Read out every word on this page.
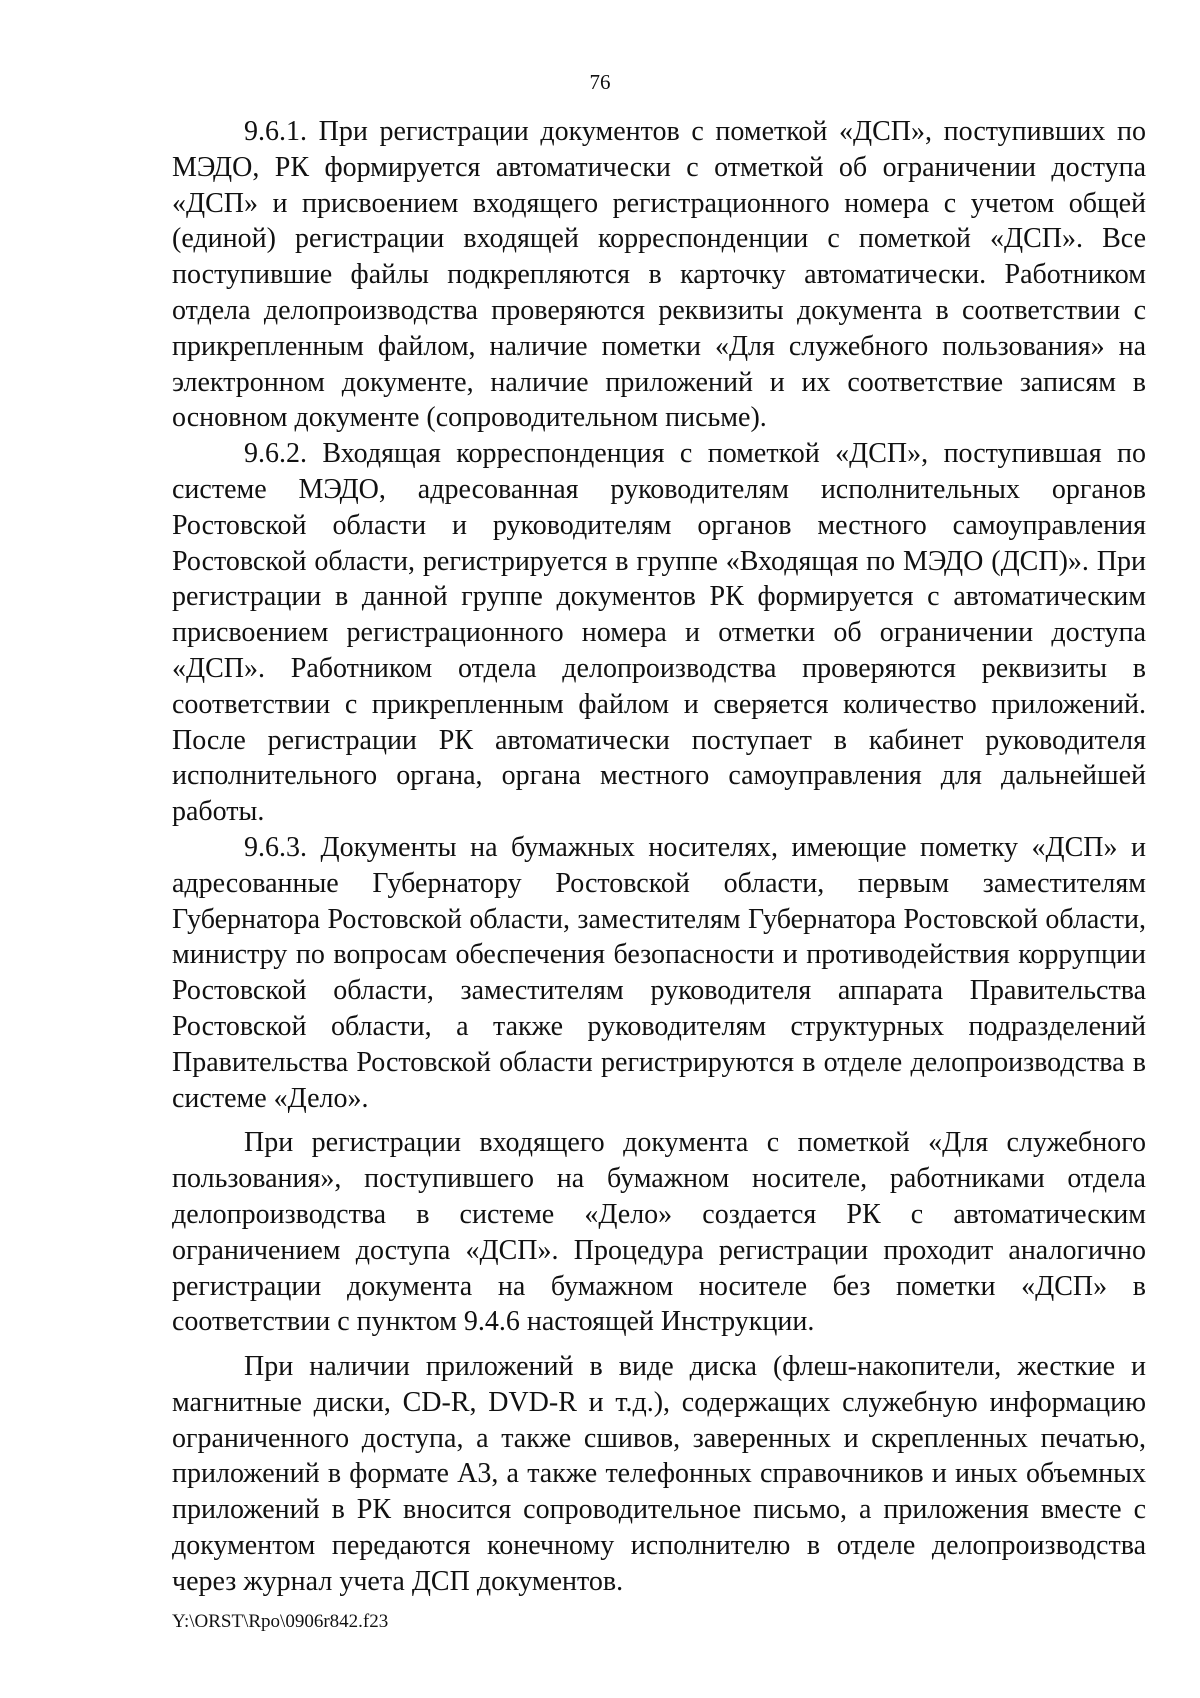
76

9.6.1. При регистрации документов с пометкой «ДСП», поступивших по МЭДО, РК формируется автоматически с отметкой об ограничении доступа «ДСП» и присвоением входящего регистрационного номера с учетом общей (единой) регистрации входящей корреспонденции с пометкой «ДСП». Все поступившие файлы подкрепляются в карточку автоматически. Работником отдела делопроизводства проверяются реквизиты документа в соответствии с прикрепленным файлом, наличие пометки «Для служебного пользования» на электронном документе, наличие приложений и их соответствие записям в основном документе (сопроводительном письме).

9.6.2. Входящая корреспонденция с пометкой «ДСП», поступившая по системе МЭДО, адресованная руководителям исполнительных органов Ростовской области и руководителям органов местного самоуправления Ростовской области, регистрируется в группе «Входящая по МЭДО (ДСП)». При регистрации в данной группе документов РК формируется с автоматическим присвоением регистрационного номера и отметки об ограничении доступа «ДСП». Работником отдела делопроизводства проверяются реквизиты в соответствии с прикрепленным файлом и сверяется количество приложений. После регистрации РК автоматически поступает в кабинет руководителя исполнительного органа, органа местного самоуправления для дальнейшей работы.

9.6.3. Документы на бумажных носителях, имеющие пометку «ДСП» и адресованные Губернатору Ростовской области, первым заместителям Губернатора Ростовской области, заместителям Губернатора Ростовской области, министру по вопросам обеспечения безопасности и противодействия коррупции Ростовской области, заместителям руководителя аппарата Правительства Ростовской области, а также руководителям структурных подразделений Правительства Ростовской области регистрируются в отделе делопроизводства в системе «Дело».

При регистрации входящего документа с пометкой «Для служебного пользования», поступившего на бумажном носителе, работниками отдела делопроизводства в системе «Дело» создается РК с автоматическим ограничением доступа «ДСП». Процедура регистрации проходит аналогично регистрации документа на бумажном носителе без пометки «ДСП» в соответствии с пунктом 9.4.6 настоящей Инструкции.

При наличии приложений в виде диска (флеш-накопители, жесткие и магнитные диски, CD-R, DVD-R и т.д.), содержащих служебную информацию ограниченного доступа, а также сшивов, заверенных и скрепленных печатью, приложений в формате А3, а также телефонных справочников и иных объемных приложений в РК вносится сопроводительное письмо, а приложения вместе с документом передаются конечному исполнителю в отделе делопроизводства через журнал учета ДСП документов.

Y:\ORST\Rpo\0906r842.f23
